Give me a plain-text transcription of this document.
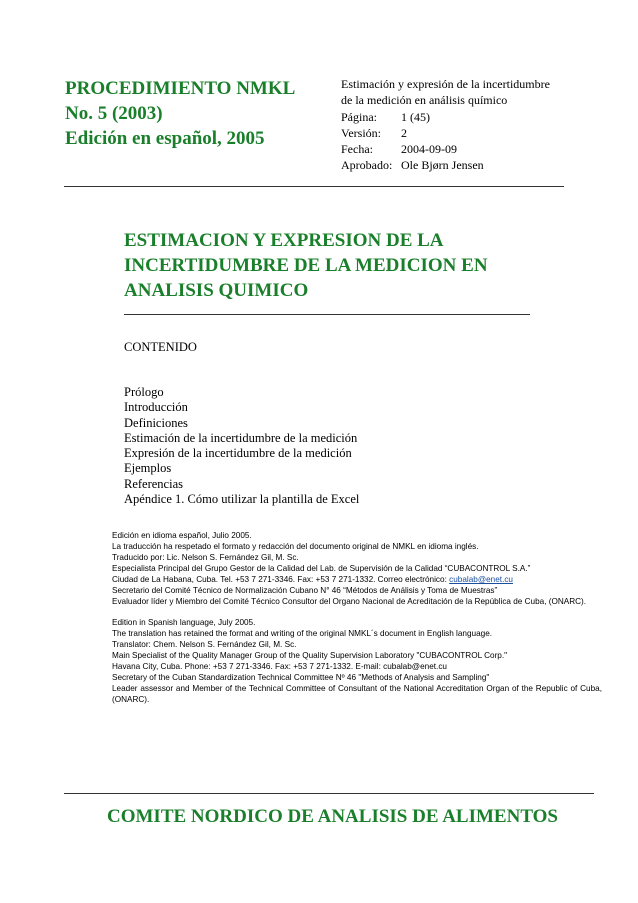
PROCEDIMIENTO NMKL
No. 5 (2003)
Edición en español, 2005
Estimación y expresión de la incertidumbre
de la medición en análisis químico
Página:	1 (45)
Versión:	2
Fecha:	2004-09-09
Aprobado: Ole Bjørn Jensen
ESTIMACION Y EXPRESION DE LA
INCERTIDUMBRE DE LA MEDICION EN
ANALISIS QUIMICO
CONTENIDO
Prólogo
Introducción
Definiciones
Estimación de la incertidumbre de la medición
Expresión de la incertidumbre de la medición
Ejemplos
Referencias
Apéndice 1. Cómo utilizar la plantilla de Excel
Edición en idioma español, Julio 2005.
La traducción ha respetado el formato y redacción del documento original de NMKL en idioma inglés.
Traducido por: Lic. Nelson S. Fernández Gil, M. Sc.
Especialista Principal del Grupo Gestor de la Calidad del Lab. de Supervisión de la Calidad “CUBACONTROL S.A.”
Ciudad de La Habana, Cuba. Tel. +53 7 271-3346. Fax: +53 7 271-1332. Correo electrónico: cubalab@enet.cu
Secretario del Comité Técnico de Normalización Cubano N° 46 “Métodos de Análisis y Toma de Muestras”
Evaluador líder y Miembro del Comité Técnico Consultor del Organo Nacional de Acreditación de la República de Cuba, (ONARC).
Edition in Spanish language, July 2005.
The translation has retained the format and writing of the original NMKL´s document in English language.
Translator: Chem. Nelson S. Fernández Gil, M. Sc.
Main Specialist of the Quality Manager Group of the Quality Supervision Laboratory "CUBACONTROL Corp."
Havana City, Cuba. Phone: +53 7 271-3346. Fax: +53 7 271-1332. E-mail: cubalab@enet.cu
Secretary of the Cuban Standardization Technical Committee Nº 46 "Methods of Analysis and Sampling"
Leader assessor and Member of the Technical Committee of Consultant of the National Accreditation Organ of the Republic of Cuba, (ONARC).
COMITE NORDICO DE ANALISIS DE ALIMENTOS
